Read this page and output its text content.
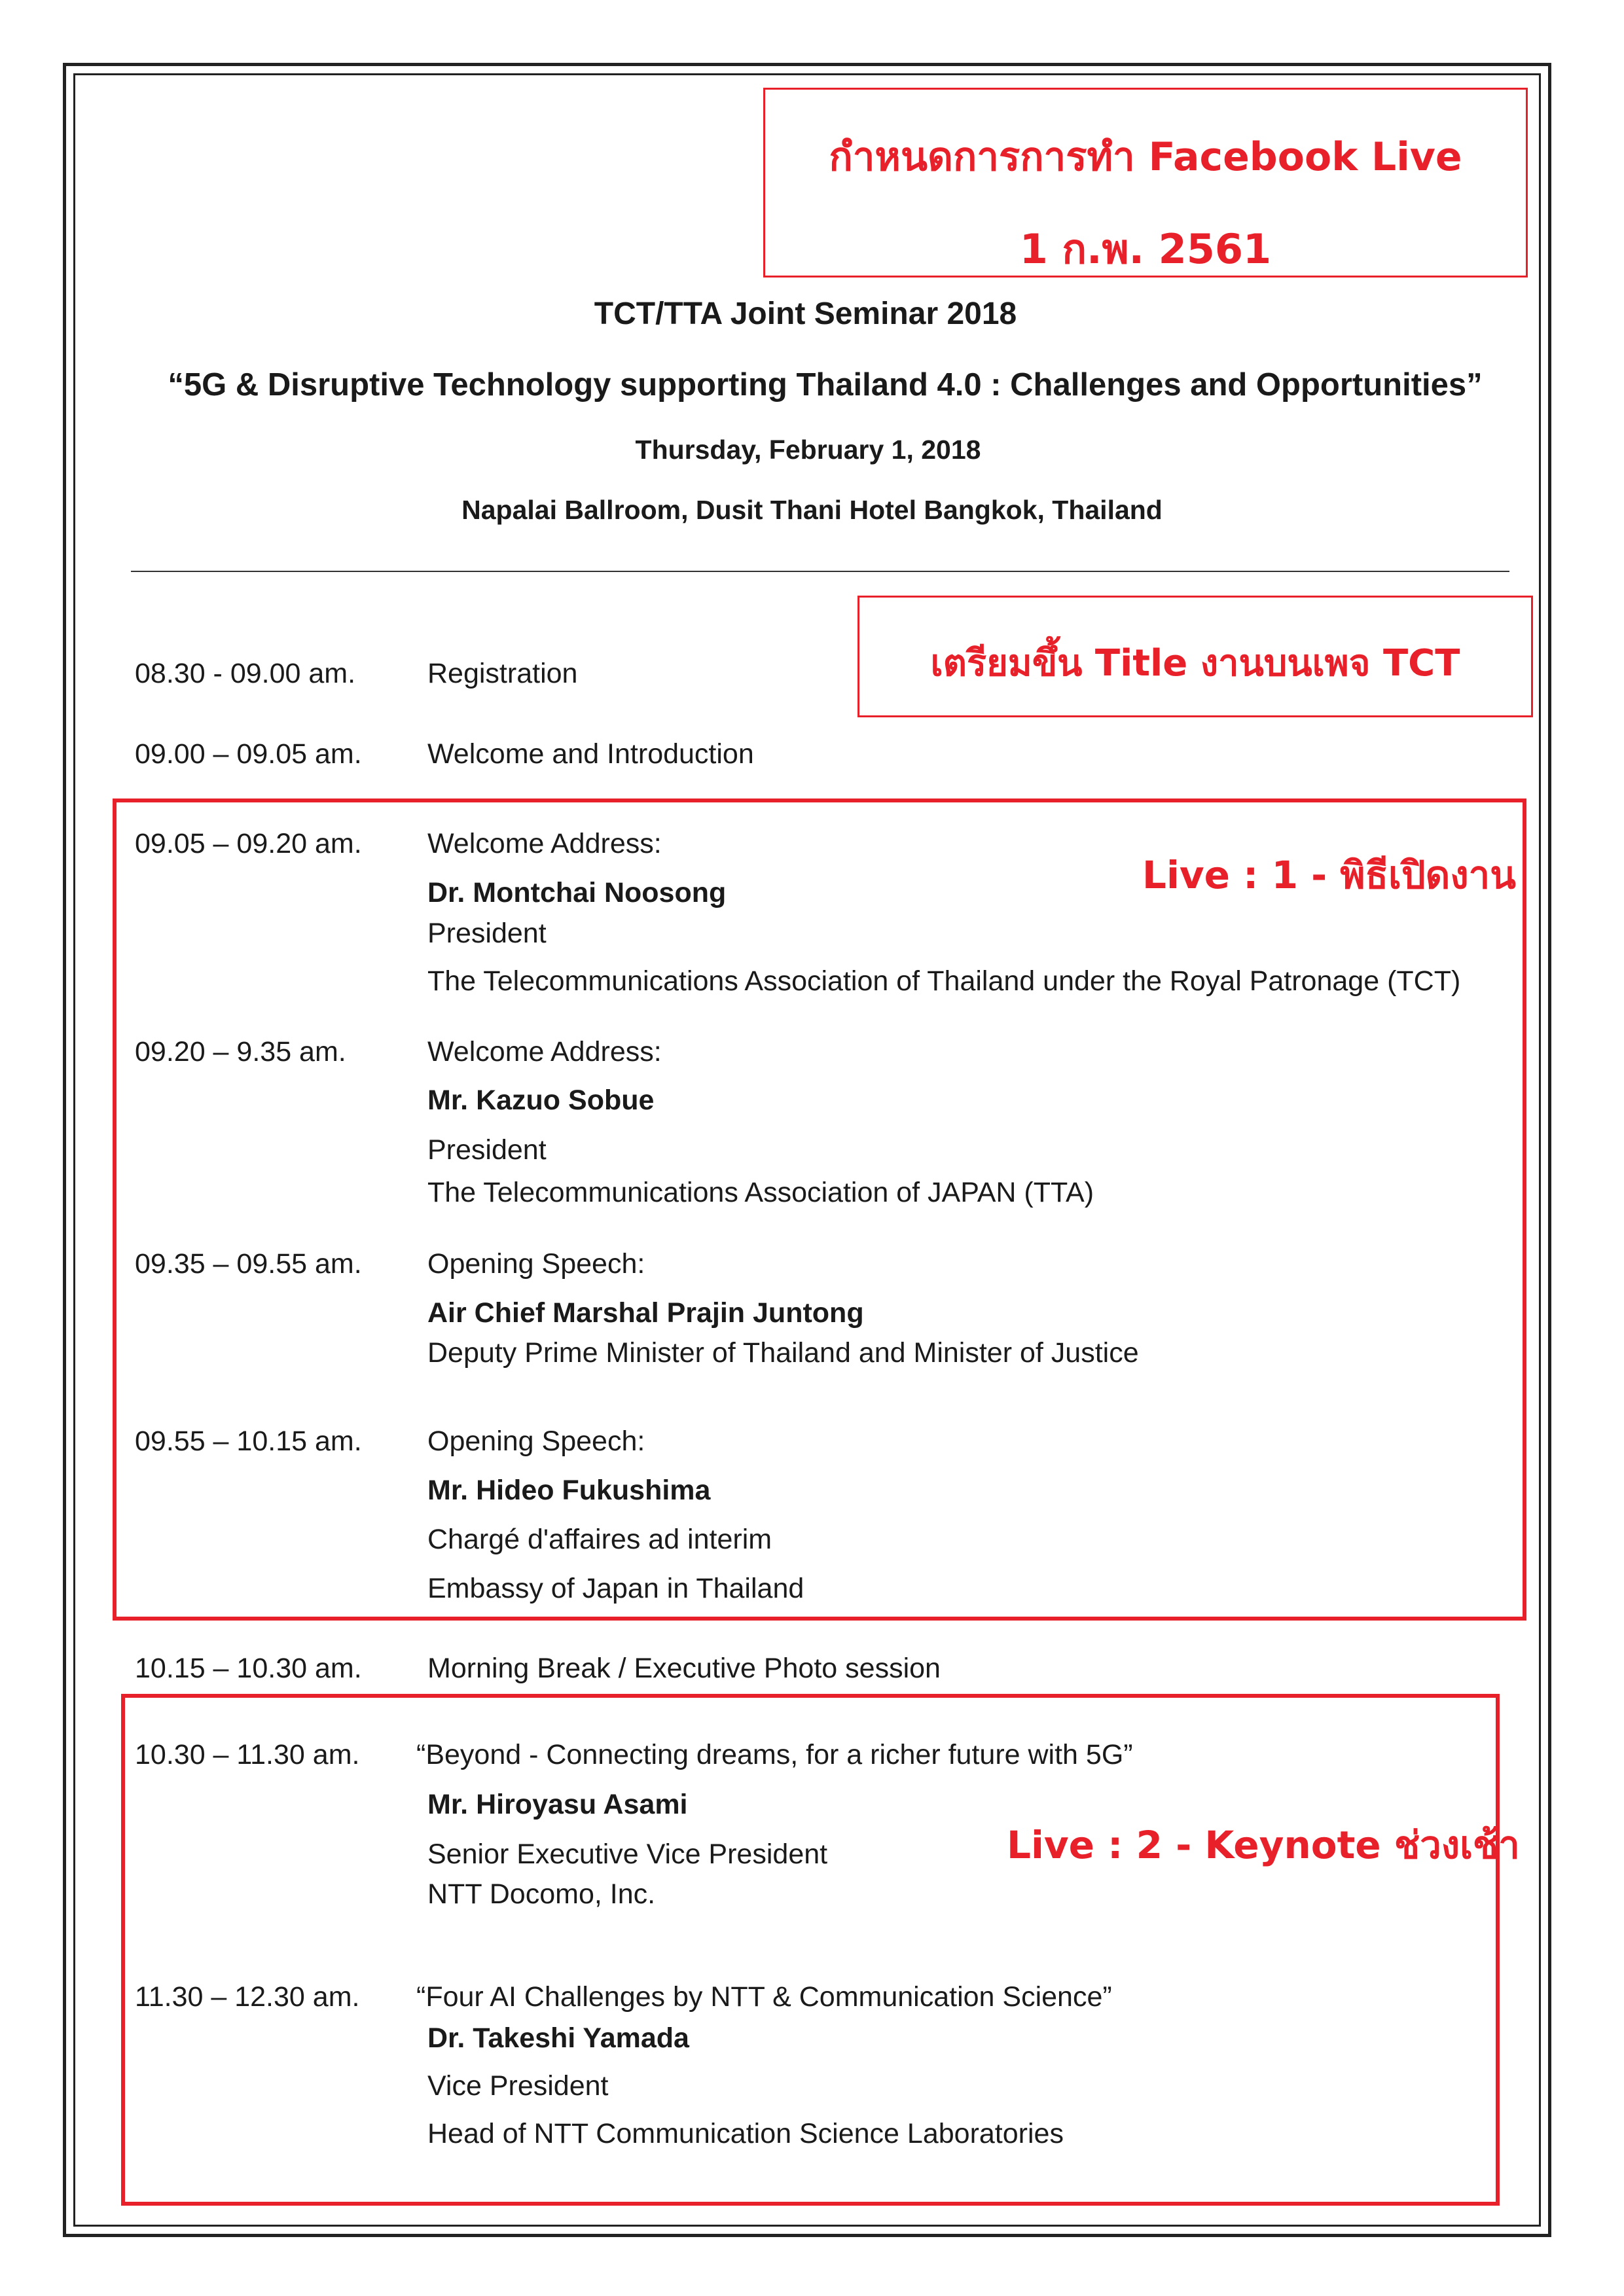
กำหนดการการทำ Facebook Live
1 ก.พ. 2561
TCT/TTA Joint Seminar 2018
“5G & Disruptive Technology supporting Thailand 4.0 : Challenges and Opportunities”
Thursday, February 1, 2018
Napalai Ballroom, Dusit Thani Hotel Bangkok, Thailand
เตรียมขึ้น Title งานบนเพจ TCT
08.30 - 09.00 am.	Registration
09.00 – 09.05 am. Welcome and Introduction
Live : 1 - พิธีเปิดงาน
09.05 – 09.20 am. Welcome Address:
Dr. Montchai Noosong
President
The Telecommunications Association of Thailand under the Royal Patronage (TCT)
09.20 – 9.35 am.	Welcome Address:
Mr. Kazuo Sobue
President
The Telecommunications Association of JAPAN (TTA)
09.35 – 09.55 am. Opening Speech:
Air Chief Marshal Prajin Juntong
Deputy Prime Minister of Thailand and Minister of Justice
09.55 – 10.15 am. Opening Speech:
Mr. Hideo Fukushima
Chargé d'affaires ad interim
Embassy of Japan in Thailand
10.15 – 10.30 am. Morning Break / Executive Photo session
Live : 2 - Keynote ช่วงเช้า
10.30 – 11.30 am. “Beyond - Connecting dreams, for a richer future with 5G”
Mr. Hiroyasu Asami
Senior Executive Vice President
NTT Docomo, Inc.
11.30 – 12.30 am. “Four AI Challenges by NTT & Communication Science”
Dr. Takeshi Yamada
Vice President
Head of NTT Communication Science Laboratories
